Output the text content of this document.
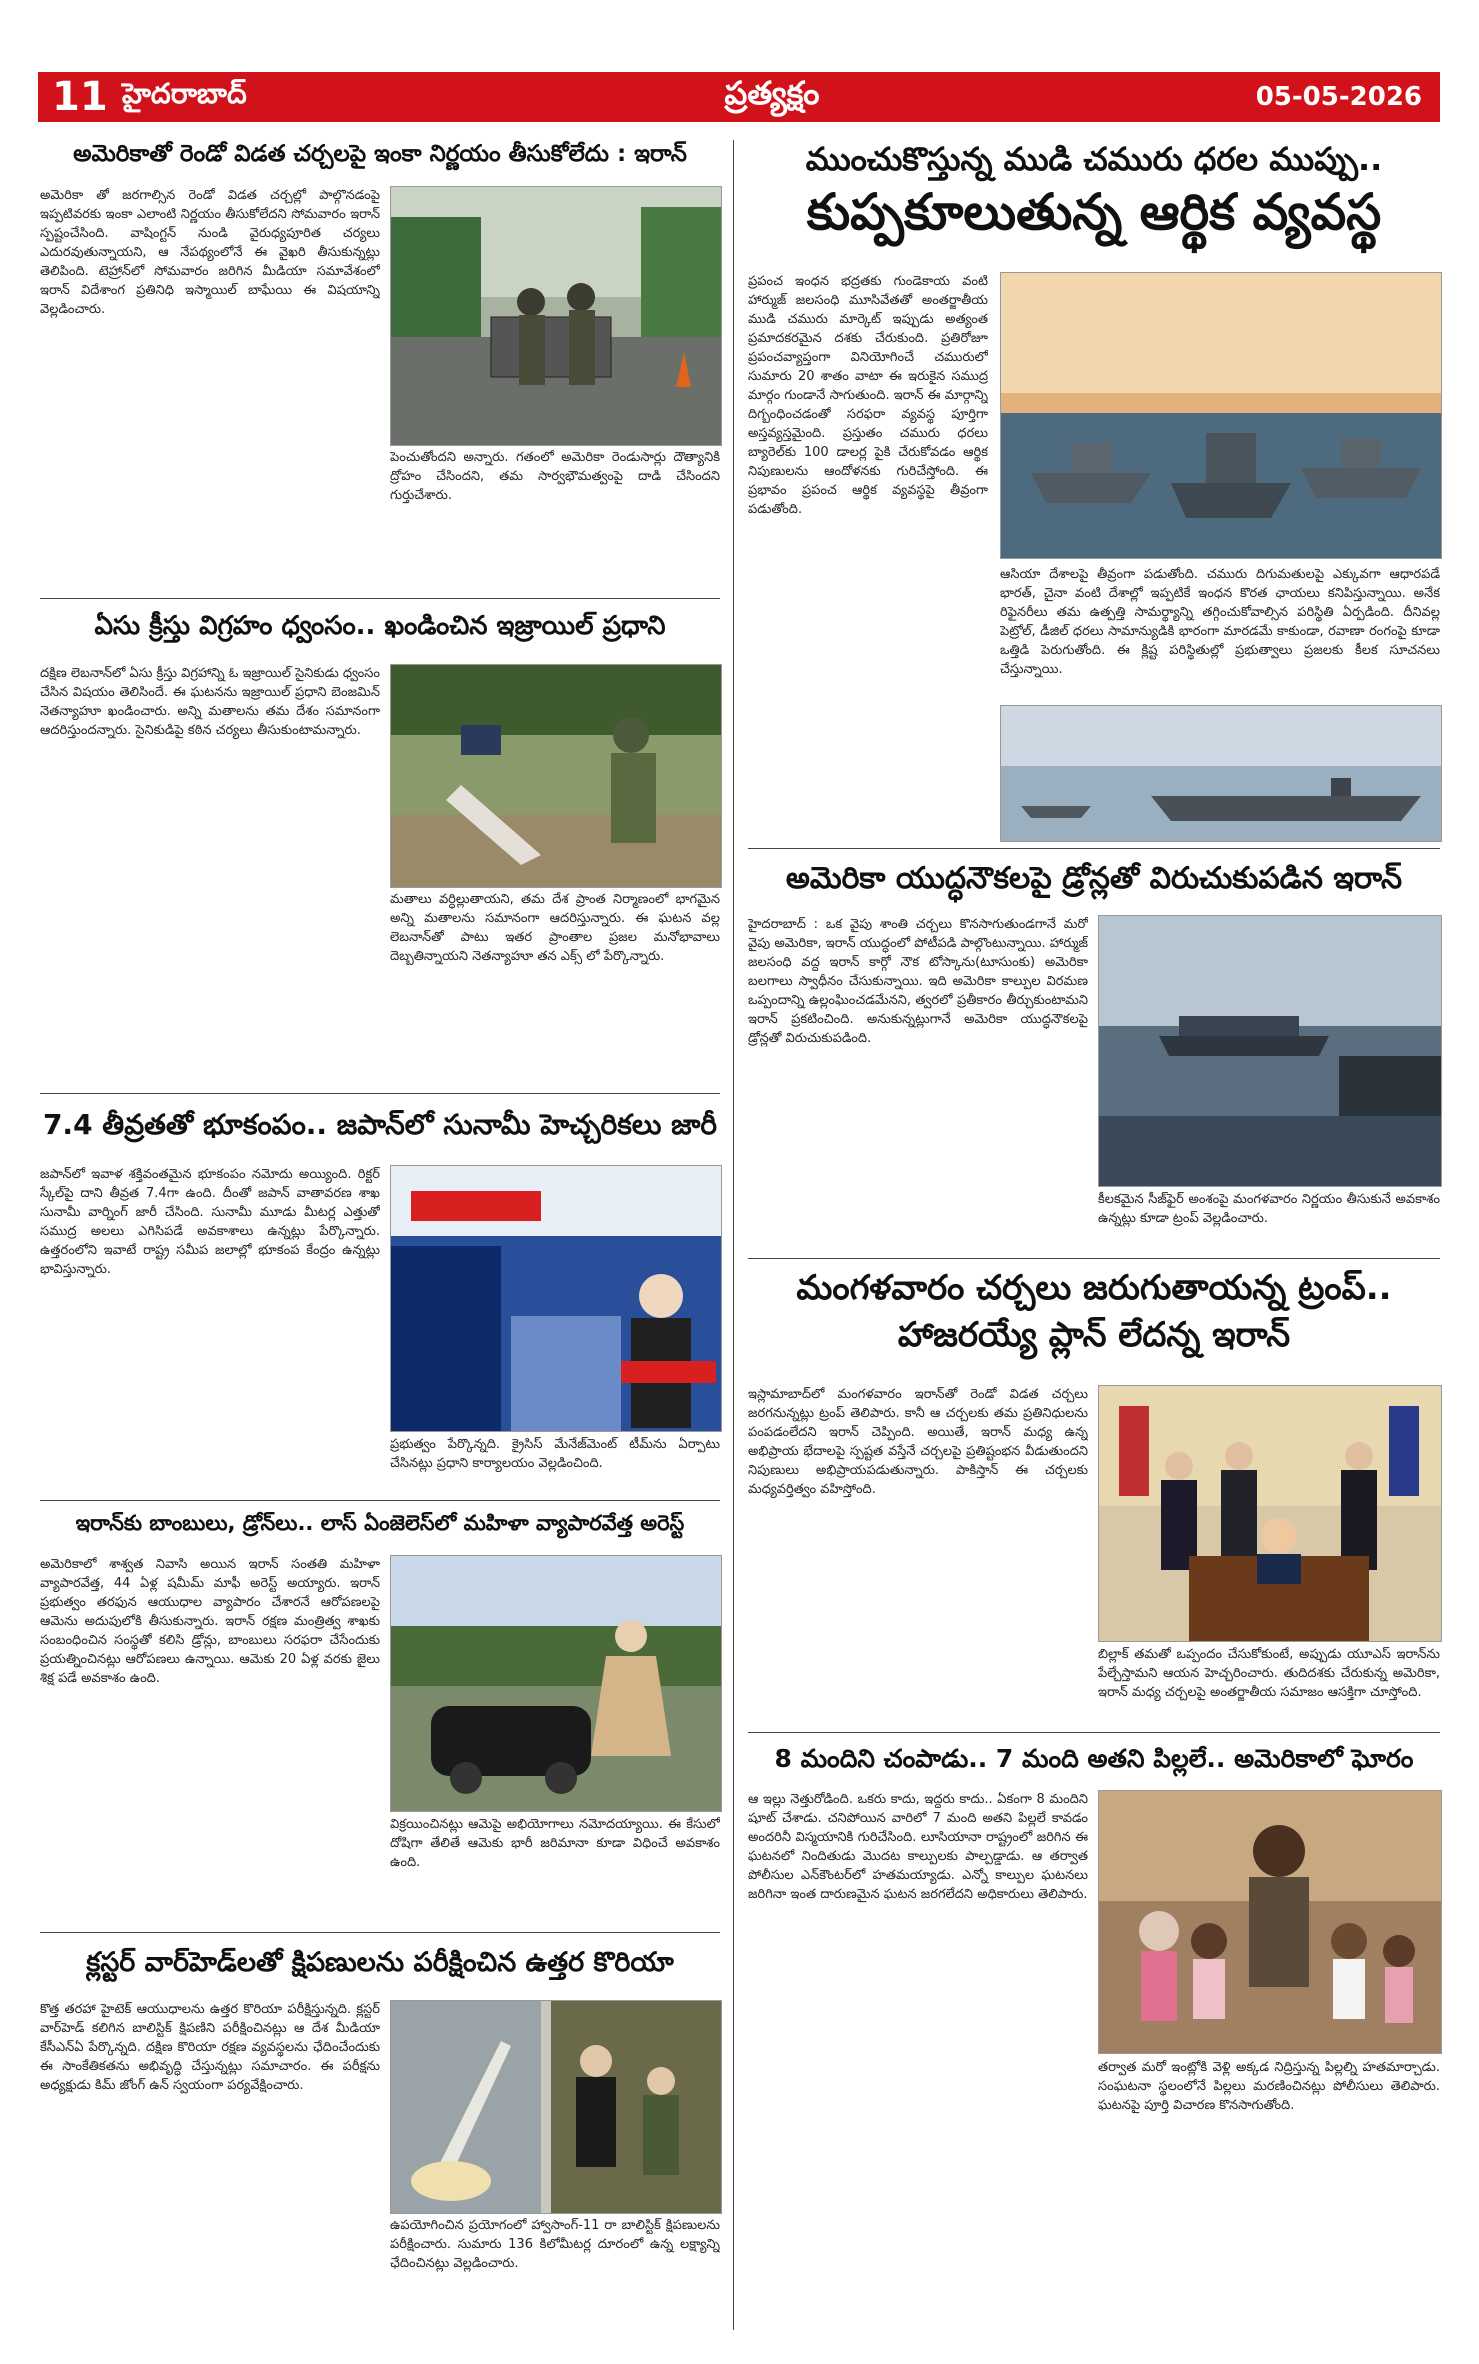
11 హైదరాబాద్	ప్రత్యక్షం	05-05-2026
అమెరికాతో రెండో విడత చర్చలపై ఇంకా నిర్ణయం తీసుకోలేదు : ఇరాన్

అమెరికా తో జరగాల్సిన రెండో విడత చర్చల్లో పాల్గొనడంపై ఇప్పటివరకు ఇంకా ఎలాంటి నిర్ణయం తీసుకోలేదని సోమవారం ఇరాన్ స్పష్టంచేసింది. వాషింగ్టన్ నుండి వైరుధ్యపూరిత చర్యలు ఎదురవుతున్నాయని, ఆ నేపథ్యంలోనే ఈ వైఖరి తీసుకున్నట్లు తెలిపింది. టెహ్రాన్‌లో సోమవారం జరిగిన మీడియా సమావేశంలో ఇరాన్ విదేశాంగ ప్రతినిధి ఇస్మాయిల్ బాఘేయి ఈ విషయాన్ని వెల్లడించారు.

పెంచుతోందని అన్నారు. గతంలో అమెరికా రెండుసార్లు దౌత్యానికి ద్రోహం చేసిందని, తమ సార్వభౌమత్వంపై దాడి చేసిందని గుర్తుచేశారు.

ఏసు క్రీస్తు విగ్రహం ధ్వంసం.. ఖండించిన ఇజ్రాయిల్ ప్రధాని

దక్షిణ లెబనాన్‌లో ఏసు క్రీస్తు విగ్రహాన్ని ఓ ఇజ్రాయిల్ సైనికుడు ధ్వంసం చేసిన విషయం తెలిసిందే. ఈ ఘటనను ఇజ్రాయిల్ ప్రధాని బెంజమిన్ నెతన్యాహూ ఖండించారు. అన్ని మతాలను తమ దేశం సమానంగా ఆదరిస్తుందన్నారు. సైనికుడిపై కఠిన చర్యలు తీసుకుంటామన్నారు.

మతాలు వర్ధిల్లుతాయని, తమ దేశ ప్రాంత నిర్మాణంలో భాగమైన అన్ని మతాలను సమానంగా ఆదరిస్తున్నారు. ఈ ఘటన వల్ల లెబనాన్‌తో పాటు ఇతర ప్రాంతాల ప్రజల మనోభావాలు దెబ్బతిన్నాయని నెతన్యాహూ తన ఎక్స్ లో పేర్కొన్నారు.

7.4 తీవ్రతతో భూకంపం.. జపాన్‌లో సునామీ హెచ్చరికలు జారీ

జపాన్‌లో ఇవాళ శక్తివంతమైన భూకంపం నమోదు అయ్యింది. రిక్టర్ స్కేల్‌పై దాని తీవ్రత 7.4గా ఉంది. దీంతో జపాన్ వాతావరణ శాఖ సునామీ వార్నింగ్ జారీ చేసింది. సునామీ మూడు మీటర్ల ఎత్తుతో సముద్ర అలలు ఎగిసిపడే అవకాశాలు ఉన్నట్లు పేర్కొన్నారు. ఉత్తరంలోని ఇవాటే రాష్ట్ర సమీప జలాల్లో భూకంప కేంద్రం ఉన్నట్లు భావిస్తున్నారు.

ప్రభుత్వం పేర్కొన్నది. క్రైసిస్ మేనేజ్‌మెంట్ టీమ్‌ను ఏర్పాటు చేసినట్లు ప్రధాని కార్యాలయం వెల్లడించింది.

ఇరాన్‌కు బాంబులు, డ్రోన్‌లు.. లాస్ ఏంజెలెస్‌లో మహిళా వ్యాపారవేత్త అరెస్ట్

అమెరికాలో శాశ్వత నివాసి అయిన ఇరాన్ సంతతి మహిళా వ్యాపారవేత్త, 44 ఏళ్ల షమీమ్ మాఫీ అరెస్ట్ అయ్యారు. ఇరాన్ ప్రభుత్వం తరఫున ఆయుధాల వ్యాపారం చేశారనే ఆరోపణలపై ఆమెను అదుపులోకి తీసుకున్నారు. ఇరాన్ రక్షణ మంత్రిత్వ శాఖకు సంబంధించిన సంస్థతో కలిసి డ్రోన్లు, బాంబులు సరఫరా చేసేందుకు ప్రయత్నించినట్లు ఆరోపణలు ఉన్నాయి. ఆమెకు 20 ఏళ్ల వరకు జైలు శిక్ష పడే అవకాశం ఉంది.

విక్రయించినట్లు ఆమెపై అభియోగాలు నమోదయ్యాయి. ఈ కేసులో దోషిగా తేలితే ఆమెకు భారీ జరిమానా కూడా విధించే అవకాశం ఉంది.

క్లస్టర్ వార్‌హెడ్‌లతో క్షిపణులను పరీక్షించిన ఉత్తర కొరియా

కొత్త తరహా హైటెక్ ఆయుధాలను ఉత్తర కొరియా పరీక్షిస్తున్నది. క్లస్టర్ వార్‌హెడ్ కలిగిన బాలిస్టిక్ క్షిపణిని పరీక్షించినట్లు ఆ దేశ మీడియా కేసీఎన్ఏ పేర్కొన్నది. దక్షిణ కొరియా రక్షణ వ్యవస్థలను ఛేదించేందుకు ఈ సాంకేతికతను అభివృద్ధి చేస్తున్నట్లు సమాచారం. ఈ పరీక్షను అధ్యక్షుడు కిమ్ జోంగ్ ఉన్ స్వయంగా పర్యవేక్షించారు.

ఉపయోగించిన ప్రయోగంలో హ్వాసాంగ్-11 రా బాలిస్టిక్ క్షిపణులను పరీక్షించారు. సుమారు 136 కిలోమీటర్ల దూరంలో ఉన్న లక్ష్యాన్ని ఛేదించినట్లు వెల్లడించారు.

ముంచుకొస్తున్న ముడి చమురు ధరల ముప్పు..
కుప్పకూలుతున్న ఆర్థిక వ్యవస్థ

ప్రపంచ ఇంధన భద్రతకు గుండెకాయ వంటి హార్ముజ్ జలసంధి మూసివేతతో అంతర్జాతీయ ముడి చమురు మార్కెట్ ఇప్పుడు అత్యంత ప్రమాదకరమైన దశకు చేరుకుంది. ప్రతిరోజూ ప్రపంచవ్యాప్తంగా వినియోగించే చమురులో సుమారు 20 శాతం వాటా ఈ ఇరుకైన సముద్ర మార్గం గుండానే సాగుతుంది. ఇరాన్ ఈ మార్గాన్ని దిగ్బంధించడంతో సరఫరా వ్యవస్థ పూర్తిగా అస్తవ్యస్తమైంది. ప్రస్తుతం చమురు ధరలు బ్యారెల్‌కు 100 డాలర్ల పైకి చేరుకోవడం ఆర్థిక నిపుణులను ఆందోళనకు గురిచేస్తోంది. ఈ ప్రభావం ప్రపంచ ఆర్థిక వ్యవస్థపై తీవ్రంగా పడుతోంది.

ఆసియా దేశాలపై తీవ్రంగా పడుతోంది. చమురు దిగుమతులపై ఎక్కువగా ఆధారపడే భారత్, చైనా వంటి దేశాల్లో ఇప్పటికే ఇంధన కొరత ఛాయలు కనిపిస్తున్నాయి. అనేక రిఫైనరీలు తమ ఉత్పత్తి సామర్థ్యాన్ని తగ్గించుకోవాల్సిన పరిస్థితి ఏర్పడింది. దీనివల్ల పెట్రోల్, డీజిల్ ధరలు సామాన్యుడికి భారంగా మారడమే కాకుండా, రవాణా రంగంపై కూడా ఒత్తిడి పెరుగుతోంది. ఈ క్లిష్ట పరిస్థితుల్లో ప్రభుత్వాలు ప్రజలకు కీలక సూచనలు చేస్తున్నాయి.

అమెరికా యుద్ధనౌకలపై డ్రోన్లతో విరుచుకుపడిన ఇరాన్

హైదరాబాద్ : ఒక వైపు శాంతి చర్చలు కొనసాగుతుండగానే మరో వైపు అమెరికా, ఇరాన్ యుద్ధంలో పోటీపడి పాల్గొంటున్నాయి. హార్ముజ్ జలసంధి వద్ద ఇరాన్ కార్గో నౌక టోస్కాను(టూసుంకు) అమెరికా బలగాలు స్వాధీనం చేసుకున్నాయి. ఇది అమెరికా కాల్పుల విరమణ ఒప్పందాన్ని ఉల్లంఘించడమేనని, త్వరలో ప్రతీకారం తీర్చుకుంటామని ఇరాన్ ప్రకటించింది. అనుకున్నట్లుగానే అమెరికా యుద్ధనౌకలపై డ్రోన్లతో విరుచుకుపడింది.

కీలకమైన సీజ్‌ఫైర్ అంశంపై మంగళవారం నిర్ణయం తీసుకునే అవకాశం ఉన్నట్లు కూడా ట్రంప్ వెల్లడించారు.

మంగళవారం చర్చలు జరుగుతాయన్న ట్రంప్..
హాజరయ్యే ప్లాన్ లేదన్న ఇరాన్

ఇస్లామాబాద్‌లో మంగళవారం ఇరాన్‌తో రెండో విడత చర్చలు జరగనున్నట్లు ట్రంప్ తెలిపారు. కానీ ఆ చర్చలకు తమ ప్రతినిధులను పంపడంలేదని ఇరాన్ చెప్పింది. అయితే, ఇరాన్ మధ్య ఉన్న అభిప్రాయ భేదాలపై స్పష్టత వస్తేనే చర్చలపై ప్రతిష్టంభన వీడుతుందని నిపుణులు అభిప్రాయపడుతున్నారు. పాకిస్తాన్ ఈ చర్చలకు మధ్యవర్తిత్వం వహిస్తోంది.

బిల్లాక్ తమతో ఒప్పందం చేసుకోకుంటే, అప్పుడు యూఎస్ ఇరాన్‌ను పేల్చేస్తామని ఆయన హెచ్చరించారు. తుదిదశకు చేరుకున్న అమెరికా, ఇరాన్ మధ్య చర్చలపై అంతర్జాతీయ సమాజం ఆసక్తిగా చూస్తోంది.

8 మందిని చంపాడు.. 7 మంది అతని పిల్లలే.. అమెరికాలో ఘోరం

ఆ ఇల్లు నెత్తురోడింది. ఒకరు కాదు, ఇద్దరు కాదు.. ఏకంగా 8 మందిని షూట్ చేశాడు. చనిపోయిన వారిలో 7 మంది అతని పిల్లలే కావడం అందరినీ విస్మయానికి గురిచేసింది. లూసియానా రాష్ట్రంలో జరిగిన ఈ ఘటనలో నిందితుడు మొదట కాల్పులకు పాల్పడ్డాడు. ఆ తర్వాత పోలీసుల ఎన్‌కౌంటర్‌లో హతమయ్యాడు. ఎన్నో కాల్పుల ఘటనలు జరిగినా ఇంత దారుణమైన ఘటన జరగలేదని అధికారులు తెలిపారు.

తర్వాత మరో ఇంట్లోకి వెళ్లి అక్కడ నిద్రిస్తున్న పిల్లల్ని హతమార్చాడు. సంఘటనా స్థలంలోనే పిల్లలు మరణించినట్లు పోలీసులు తెలిపారు. ఘటనపై పూర్తి విచారణ కొనసాగుతోంది.
